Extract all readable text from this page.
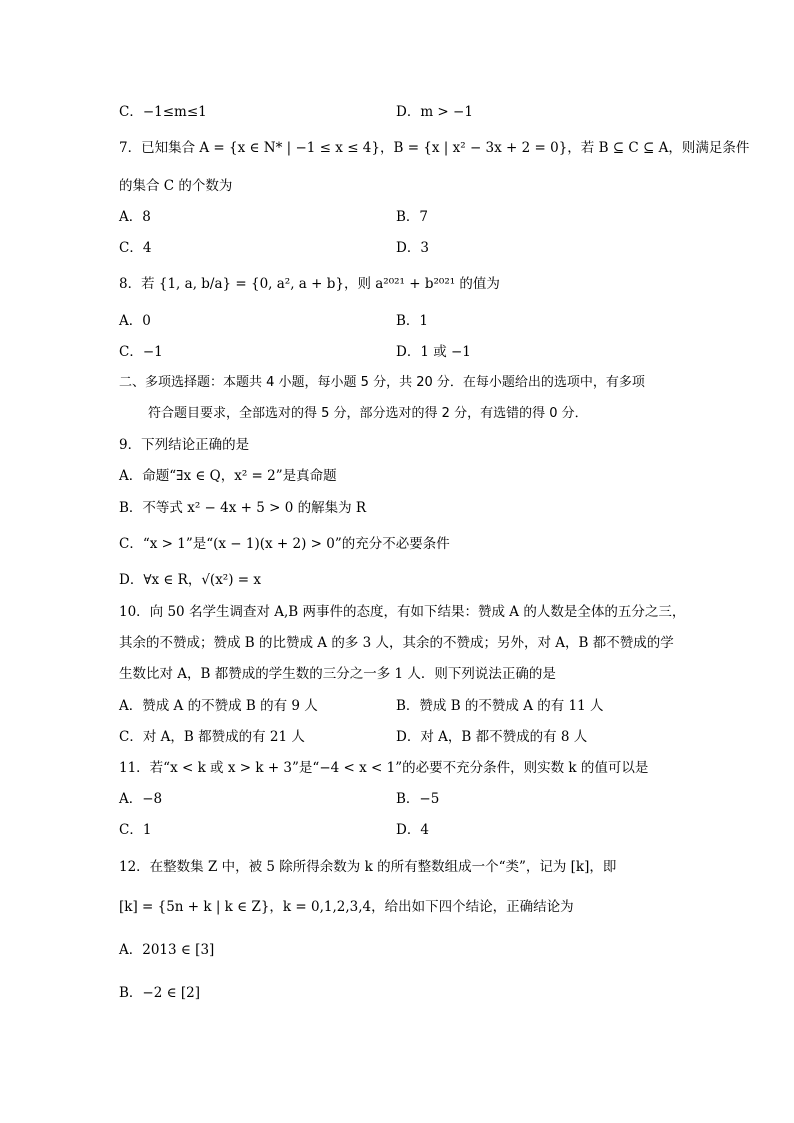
C．−1≤m≤1	D．m > −1
7．已知集合 A = {x ∈ N* | −1 ≤ x ≤ 4}，B = {x | x² − 3x + 2 = 0}，若 B ⊆ C ⊆ A，则满足条件
的集合 C 的个数为
A．8	B．7
C．4	D．3
8．若 {1, a, b/a} = {0, a², a + b}，则 a²⁰²¹ + b²⁰²¹ 的值为
A．0	B．1
C．−1	D．1 或 −1
二、多项选择题：本题共 4 小题，每小题 5 分，共 20 分．在每小题给出的选项中，有多项
符合题目要求，全部选对的得 5 分，部分选对的得 2 分，有选错的得 0 分．
9．下列结论正确的是
A．命题“∃x ∈ Q，x² = 2”是真命题
B．不等式 x² − 4x + 5 > 0 的解集为 R
C．“x > 1”是“(x − 1)(x + 2) > 0”的充分不必要条件
D．∀x ∈ R，√(x²) = x
10．向 50 名学生调查对 A,B 两事件的态度，有如下结果：赞成 A 的人数是全体的五分之三，
其余的不赞成；赞成 B 的比赞成 A 的多 3 人，其余的不赞成；另外，对 A，B 都不赞成的学
生数比对 A，B 都赞成的学生数的三分之一多 1 人．则下列说法正确的是
A．赞成 A 的不赞成 B 的有 9 人	B．赞成 B 的不赞成 A 的有 11 人
C．对 A，B 都赞成的有 21 人	D．对 A，B 都不赞成的有 8 人
11．若“x < k 或 x > k + 3”是“−4 < x < 1”的必要不充分条件，则实数 k 的值可以是
A．−8	B．−5
C．1	D．4
12．在整数集 Z 中，被 5 除所得余数为 k 的所有整数组成一个“类”，记为 [k]，即
[k] = {5n + k | k ∈ Z}，k = 0,1,2,3,4，给出如下四个结论，正确结论为
A．2013 ∈ [3]
B．−2 ∈ [2]
